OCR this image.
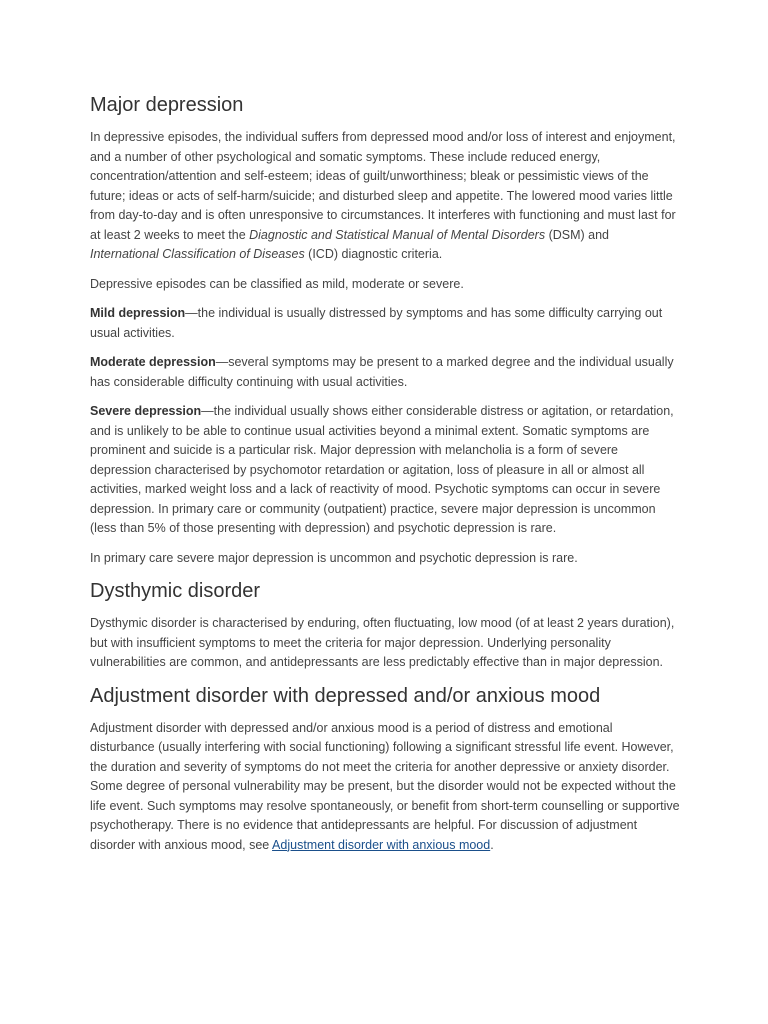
Major depression

In depressive episodes, the individual suffers from depressed mood and/or loss of interest and enjoyment, and a number of other psychological and somatic symptoms. These include reduced energy, concentration/attention and self-esteem; ideas of guilt/unworthiness; bleak or pessimistic views of the future; ideas or acts of self-harm/suicide; and disturbed sleep and appetite. The lowered mood varies little from day-to-day and is often unresponsive to circumstances. It interferes with functioning and must last for at least 2 weeks to meet the Diagnostic and Statistical Manual of Mental Disorders (DSM) and International Classification of Diseases (ICD) diagnostic criteria.

Depressive episodes can be classified as mild, moderate or severe.

Mild depression—the individual is usually distressed by symptoms and has some difficulty carrying out usual activities.

Moderate depression—several symptoms may be present to a marked degree and the individual usually has considerable difficulty continuing with usual activities.

Severe depression—the individual usually shows either considerable distress or agitation, or retardation, and is unlikely to be able to continue usual activities beyond a minimal extent. Somatic symptoms are prominent and suicide is a particular risk. Major depression with melancholia is a form of severe depression characterised by psychomotor retardation or agitation, loss of pleasure in all or almost all activities, marked weight loss and a lack of reactivity of mood. Psychotic symptoms can occur in severe depression. In primary care or community (outpatient) practice, severe major depression is uncommon (less than 5% of those presenting with depression) and psychotic depression is rare.

In primary care severe major depression is uncommon and psychotic depression is rare.

Dysthymic disorder

Dysthymic disorder is characterised by enduring, often fluctuating, low mood (of at least 2 years duration), but with insufficient symptoms to meet the criteria for major depression. Underlying personality vulnerabilities are common, and antidepressants are less predictably effective than in major depression.

Adjustment disorder with depressed and/or anxious mood

Adjustment disorder with depressed and/or anxious mood is a period of distress and emotional disturbance (usually interfering with social functioning) following a significant stressful life event. However, the duration and severity of symptoms do not meet the criteria for another depressive or anxiety disorder. Some degree of personal vulnerability may be present, but the disorder would not be expected without the life event. Such symptoms may resolve spontaneously, or benefit from short-term counselling or supportive psychotherapy. There is no evidence that antidepressants are helpful. For discussion of adjustment disorder with anxious mood, see Adjustment disorder with anxious mood.
